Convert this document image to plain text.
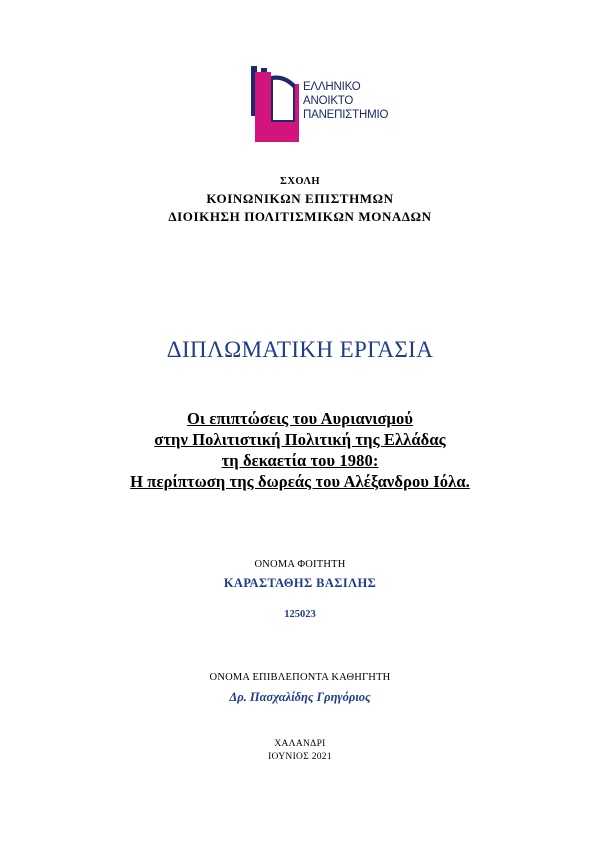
ΕΛΛΗΝΙΚΟ
ΑΝΟΙΚΤΟ
ΠΑΝΕΠΙΣΤΗΜΙΟ
ΣΧΟΛΗ
ΚΟΙΝΩΝΙΚΩΝ ΕΠΙΣΤΗΜΩΝ
ΔΙΟΙΚΗΣΗ ΠΟΛΙΤΙΣΜΙΚΩΝ ΜΟΝΑΔΩΝ
ΔΙΠΛΩΜΑΤΙΚΗ ΕΡΓΑΣΙΑ
Οι επιπτώσεις του Αυριανισμού
στην Πολιτιστική Πολιτική της Ελλάδας
τη δεκαετία του 1980:
Η περίπτωση της δωρεάς του Αλέξανδρου Ιόλα.
ΟΝΟΜΑ ΦΟΙΤΗΤΗ
ΚΑΡΑΣΤΑΘΗΣ ΒΑΣΙΛΗΣ
125023
ΟΝΟΜΑ ΕΠΙΒΛΕΠΟΝΤΑ ΚΑΘΗΓΗΤΗ
Δρ. Πασχαλίδης Γρηγόριος
ΧΑΛΑΝΔΡΙ
ΙΟΥΝΙΟΣ 2021
